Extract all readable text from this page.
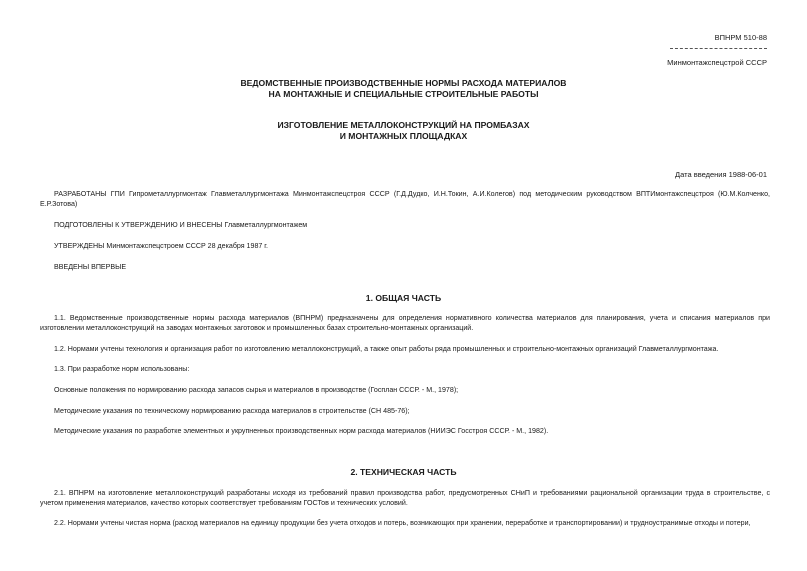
ВПНРМ 510-88
Минмонтажспецстрой СССР
ВЕДОМСТВЕННЫЕ ПРОИЗВОДСТВЕННЫЕ НОРМЫ РАСХОДА МАТЕРИАЛОВ
НА МОНТАЖНЫЕ И СПЕЦИАЛЬНЫЕ СТРОИТЕЛЬНЫЕ РАБОТЫ
ИЗГОТОВЛЕНИЕ МЕТАЛЛОКОНСТРУКЦИЙ НА ПРОМБАЗАХ
И МОНТАЖНЫХ ПЛОЩАДКАХ
Дата введения 1988-06-01
РАЗРАБОТАНЫ ГПИ Гипрометаллургмонтаж Главметаллургмонтажа Минмонтажспецстроя СССР (Г.Д.Дудко, И.Н.Токин, А.И.Колегов) под методическим руководством ВПТИмонтажспецстроя (Ю.М.Колченко, Е.Р.Зотова)
ПОДГОТОВЛЕНЫ К УТВЕРЖДЕНИЮ И ВНЕСЕНЫ Главметаллургмонтажем
УТВЕРЖДЕНЫ Минмонтажспецстроем СССР 28 декабря 1987 г.
ВВЕДЕНЫ ВПЕРВЫЕ
1. ОБЩАЯ ЧАСТЬ
1.1. Ведомственные производственные нормы расхода материалов (ВПНРМ) предназначены для определения нормативного количества материалов для планирования, учета и списания материалов при изготовлении металлоконструкций на заводах монтажных заготовок и промышленных базах строительно-монтажных организаций.
1.2. Нормами учтены технология и организация работ по изготовлению металлоконструкций, а также опыт работы ряда промышленных и строительно-монтажных организаций Главметаллургмонтажа.
1.3. При разработке норм использованы:
Основные положения по нормированию расхода запасов сырья и материалов в производстве (Госплан СССР. - М., 1978);
Методические указания по техническому нормированию расхода материалов в строительстве (СН 485-76);
Методические указания по разработке элементных и укрупненных производственных норм расхода материалов (НИИЭС Госстроя СССР. - М., 1982).
2. ТЕХНИЧЕСКАЯ ЧАСТЬ
2.1. ВПНРМ на изготовление металлоконструкций разработаны исходя из требований правил производства работ, предусмотренных СНиП и требованиями рациональной организации труда в строительстве, с учетом применения материалов, качество которых соответствует требованиям ГОСТов и технических условий.
2.2. Нормами учтены чистая норма (расход материалов на единицу продукции без учета отходов и потерь, возникающих при хранении, переработке и транспортировании) и трудноустранимые отходы и потери,
